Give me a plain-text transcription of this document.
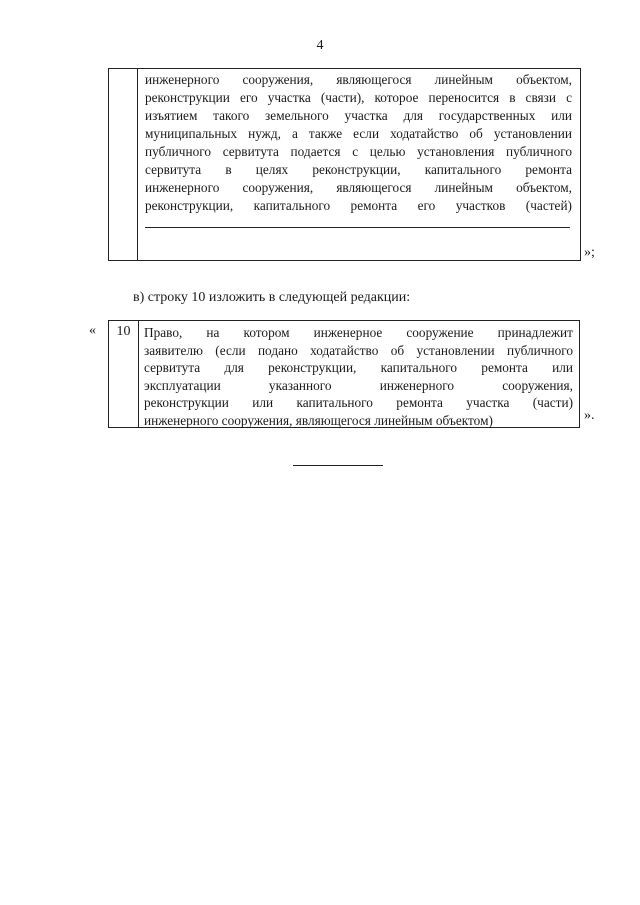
4
инженерного сооружения, являющегося линейным объектом,
реконструкции его участка (части), которое переносится в связи с
изъятием такого земельного участка для государственных или
муниципальных нужд, а также если ходатайство об установлении
публичного сервитута подается с целью установления публичного
сервитута в целях реконструкции, капитального ремонта
инженерного сооружения, являющегося линейным объектом,
реконструкции, капитального ремонта его участков (частей)
»;
в) строку 10 изложить в следующей редакции:
«	10	Право, на котором инженерное сооружение принадлежит
заявителю (если подано ходатайство об установлении публичного
сервитута для реконструкции, капитального ремонта или
эксплуатации указанного инженерного сооружения,
реконструкции или капитального ремонта участка (части)
инженерного сооружения, являющегося линейным объектом)	».
